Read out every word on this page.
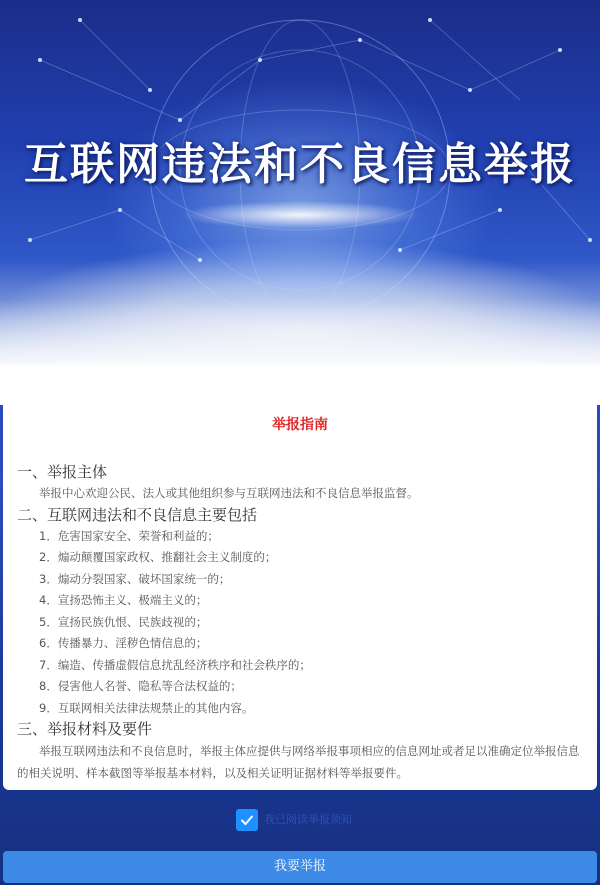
互联网违法和不良信息举报
举报指南
一、举报主体
举报中心欢迎公民、法人或其他组织参与互联网违法和不良信息举报监督。
二、互联网违法和不良信息主要包括
1．危害国家安全、荣誉和利益的；
2．煽动颠覆国家政权、推翻社会主义制度的；
3．煽动分裂国家、破坏国家统一的；
4．宣扬恐怖主义、极端主义的；
5．宣扬民族仇恨、民族歧视的；
6．传播暴力、淫秽色情信息的；
7．编造、传播虚假信息扰乱经济秩序和社会秩序的；
8．侵害他人名誉、隐私等合法权益的；
9．互联网相关法律法规禁止的其他内容。
三、举报材料及要件
举报互联网违法和不良信息时，举报主体应提供与网络举报事项相应的信息网址或者足以准确定位举报信息的相关说明、样本截图等举报基本材料，以及相关证明证据材料等举报要件。
我已阅读举报须知
我要举报
